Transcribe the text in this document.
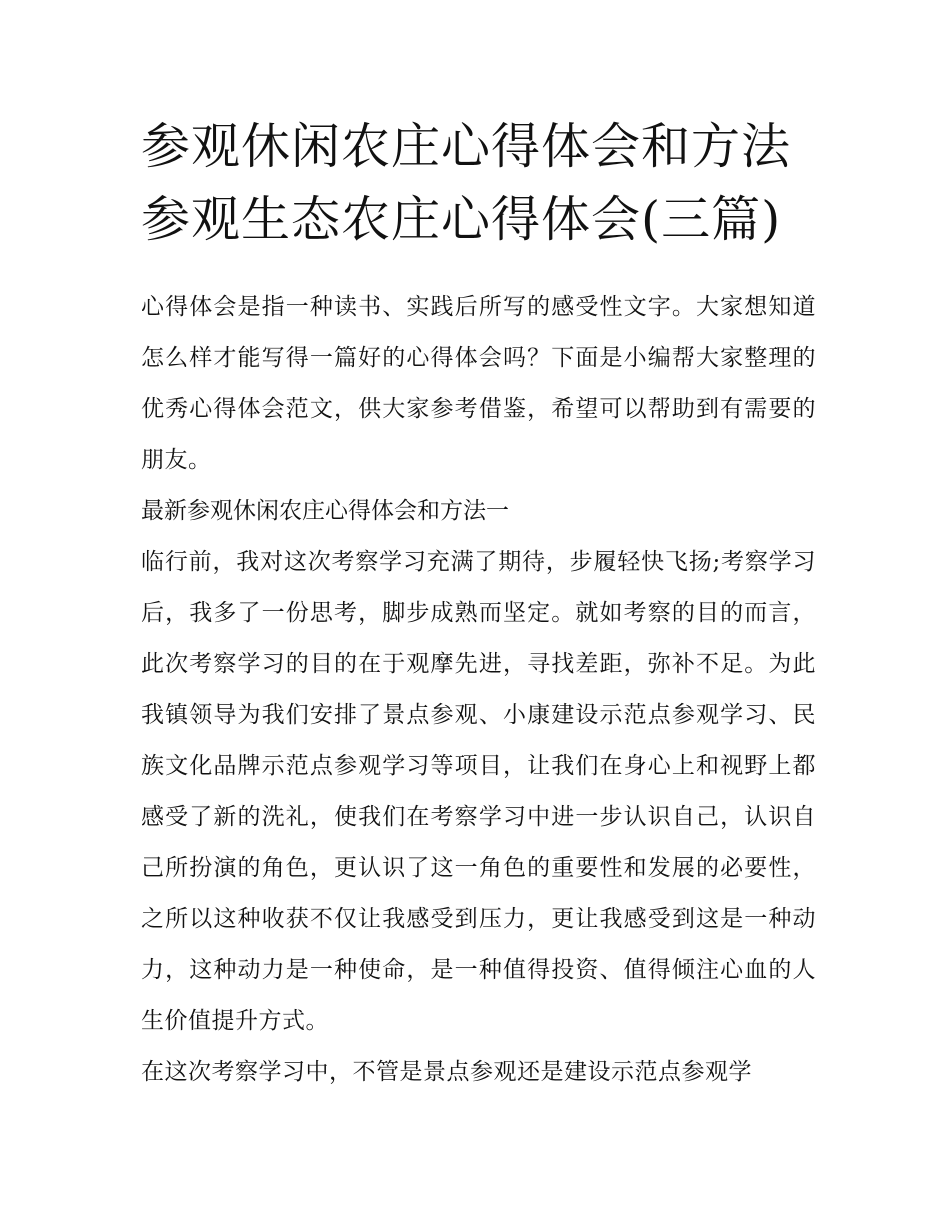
参观休闲农庄心得体会和方法
参观生态农庄心得体会(三篇)

心得体会是指一种读书、实践后所写的感受性文字。大家想知道怎么样才能写得一篇好的心得体会吗？下面是小编帮大家整理的优秀心得体会范文，供大家参考借鉴，希望可以帮助到有需要的朋友。

最新参观休闲农庄心得体会和方法一

临行前，我对这次考察学习充满了期待，步履轻快飞扬;考察学习后，我多了一份思考，脚步成熟而坚定。就如考察的目的而言，此次考察学习的目的在于观摩先进，寻找差距，弥补不足。为此我镇领导为我们安排了景点参观、小康建设示范点参观学习、民族文化品牌示范点参观学习等项目，让我们在身心上和视野上都感受了新的洗礼，使我们在考察学习中进一步认识自己，认识自己所扮演的角色，更认识了这一角色的重要性和发展的必要性，之所以这种收获不仅让我感受到压力，更让我感受到这是一种动力，这种动力是一种使命，是一种值得投资、值得倾注心血的人生价值提升方式。

在这次考察学习中，不管是景点参观还是建设示范点参观学
